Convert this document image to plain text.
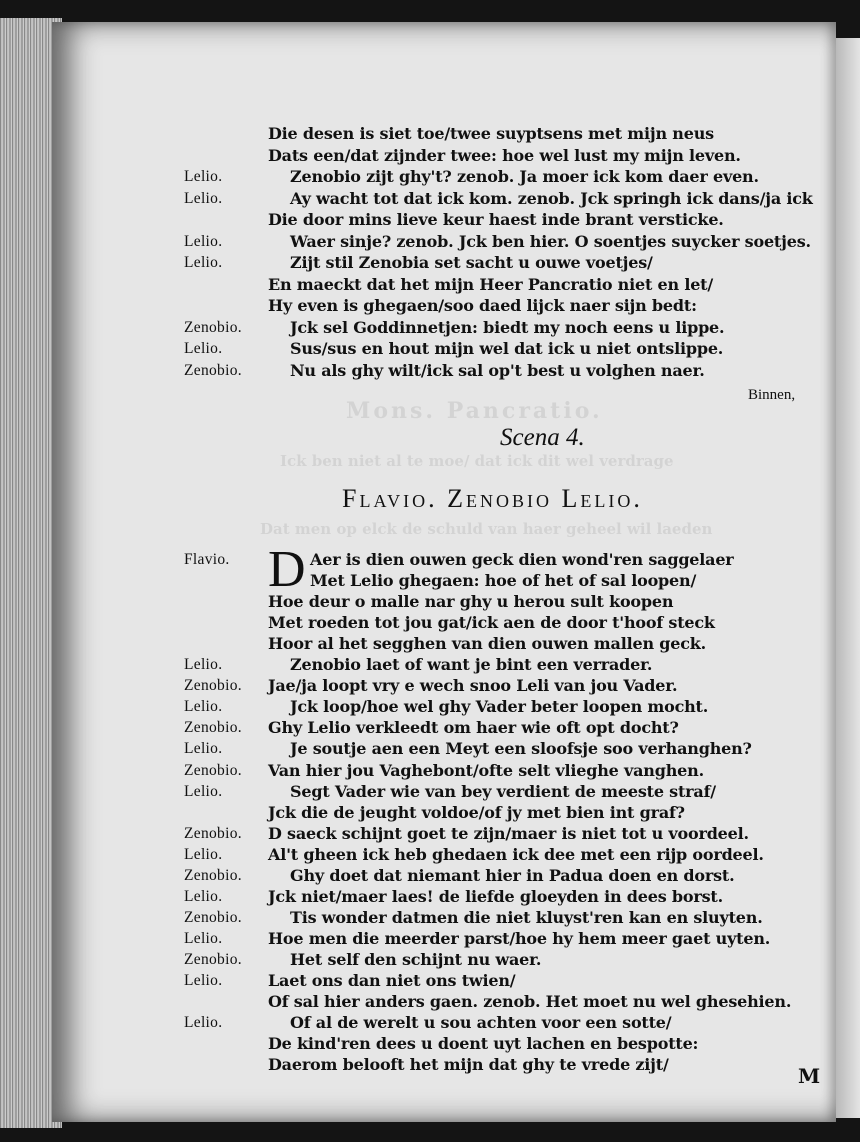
Mons. Pancratio.
Ick ben niet al te moe/ dat ick dit wel verdrage
Dat men op elck de schuld van haer geheel wil laeden
Die desen is siet toe/twee suyptsens met mijn neus
Dats een/dat zijnder twee: hoe wel lust my mijn leven.
Lelio.	Zenobio zijt ghy't? zenob. Ja moer ick kom daer even.
Lelio.	Ay wacht tot dat ick kom. zenob. Jck springh ick dans/ja ick
Die door mins lieve keur haest inde brant versticke.
Lelio.	Waer sinje? zenob. Jck ben hier. O soentjes suycker soetjes.
Lelio.	Zijt stil Zenobia set sacht u ouwe voetjes/
En maeckt dat het mijn Heer Pancratio niet en let/
Hy even is ghegaen/soo daed lijck naer sijn bedt:
Zenobio.	Jck sel Goddinnetjen: biedt my noch eens u lippe.
Lelio.	Sus/sus en hout mijn wel dat ick u niet ontslippe.
Zenobio.	Nu als ghy wilt/ick sal op't best u volghen naer.
Binnen,
Scena 4.
Flavio. Zenobio Lelio.
D
Flavio.	Aer is dien ouwen geck dien wond'ren saggelaer
Met Lelio ghegaen: hoe of het of sal loopen/
Hoe deur o malle nar ghy u herou sult koopen
Met roeden tot jou gat/ick aen de door t'hoof steck
Hoor al het segghen van dien ouwen mallen geck.
Lelio.	Zenobio laet of want je bint een verrader.
Zenobio. Jae/ja loopt vry e wech snoo Leli van jou Vader.
Lelio.	Jck loop/hoe wel ghy Vader beter loopen mocht.
Zenobio. Ghy Lelio verkleedt om haer wie oft opt docht?
Lelio.	Je soutje aen een Meyt een sloofsje soo verhanghen?
Zenobio. Van hier jou Vaghebont/ofte selt vlieghe vanghen.
Lelio.	Segt Vader wie van bey verdient de meeste straf/
Jck die de jeught voldoe/of jy met bien int graf?
Zenobio. D saeck schijnt goet te zijn/maer is niet tot u voordeel.
Lelio.	Al't gheen ick heb ghedaen ick dee met een rijp oordeel.
Zenobio.	Ghy doet dat niemant hier in Padua doen en dorst.
Lelio.	Jck niet/maer laes! de liefde gloeyden in dees borst.
Zenobio.	Tis wonder datmen die niet kluyst'ren kan en sluyten.
Lelio.	Hoe men die meerder parst/hoe hy hem meer gaet uyten.
Zenobio.	Het self den schijnt nu waer.
Lelio.	Laet ons dan niet ons twien/
Of sal hier anders gaen. zenob. Het moet nu wel ghesehien.
Lelio.	Of al de werelt u sou achten voor een sotte/
De kind'ren dees u doent uyt lachen en bespotte:
Daerom belooft het mijn dat ghy te vrede zijt/	M
